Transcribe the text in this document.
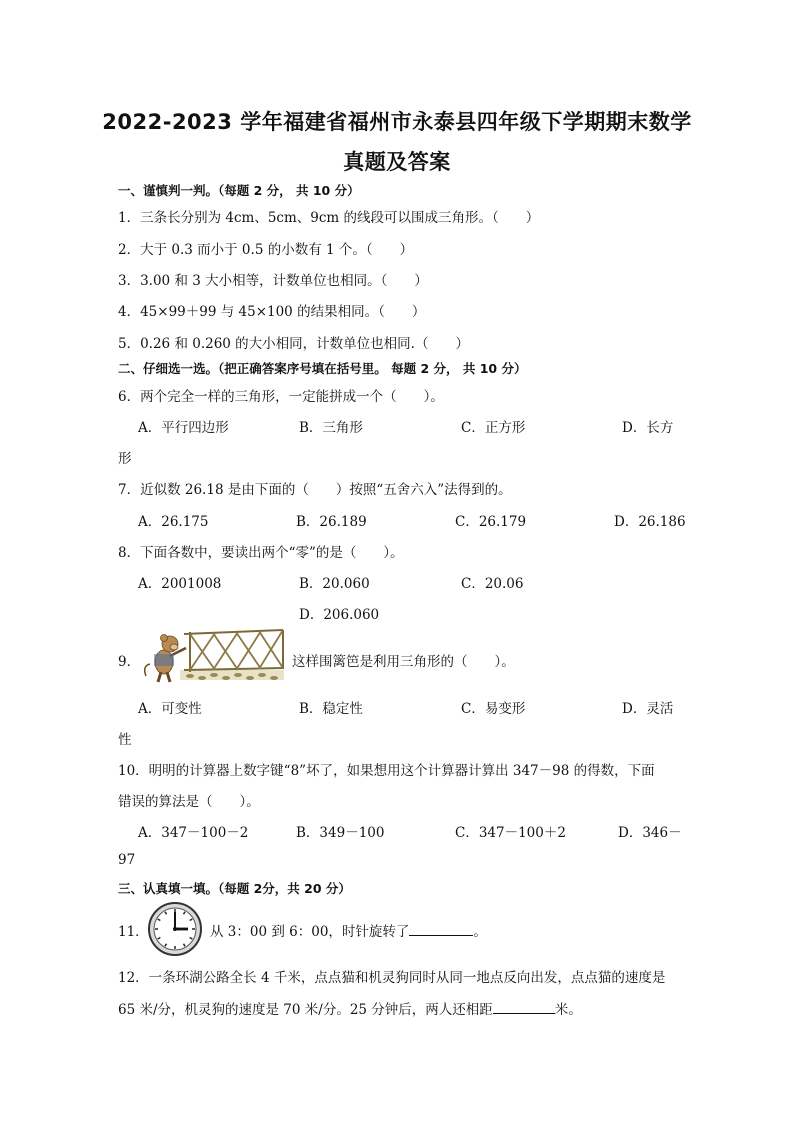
2022-2023 学年福建省福州市永泰县四年级下学期期末数学
真题及答案
一、谨慎判一判。（每题 2 分， 共 10 分）
1．三条长分别为 4cm、5cm、9cm 的线段可以围成三角形。（　　）
2．大于 0.3 而小于 0.5 的小数有 1 个。（　　）
3．3.00 和 3 大小相等，计数单位也相同。（　　）
4．45×99＋99 与 45×100 的结果相同。（　　）
5．0.26 和 0.260 的大小相同，计数单位也相同.（　　）
二、仔细选一选。（把正确答案序号填在括号里。 每题 2 分， 共 10 分）
6．两个完全一样的三角形，一定能拼成一个（　　）。
A．平行四边形	B．三角形	C．正方形	D．长方
形
7．近似数 26.18 是由下面的（　　）按照“五舍六入”法得到的。
A．26.175	B．26.189	C．26.179	D．26.186
8．下面各数中，要读出两个“零”的是（　　）。
A．2001008	B．20.060	C．20.06
D．206.060
9．	这样围篱笆是利用三角形的（　　）。
A．可变性	B．稳定性	C．易变形	D．灵活
性
10．明明的计算器上数字键“8”坏了，如果想用这个计算器计算出 347－98 的得数，下面
错误的算法是（　　）。
A．347－100－2	B．349－100	C．347－100＋2	D．346－
97
三、认真填一填。（每题 2分，共 20 分）
11．	从 3：00 到 6：00，时针旋转了	。
12．一条环湖公路全长 4 千米，点点猫和机灵狗同时从同一地点反向出发，点点猫的速度是
65 米/分，机灵狗的速度是 70 米/分。25 分钟后，两人还相距	米。
